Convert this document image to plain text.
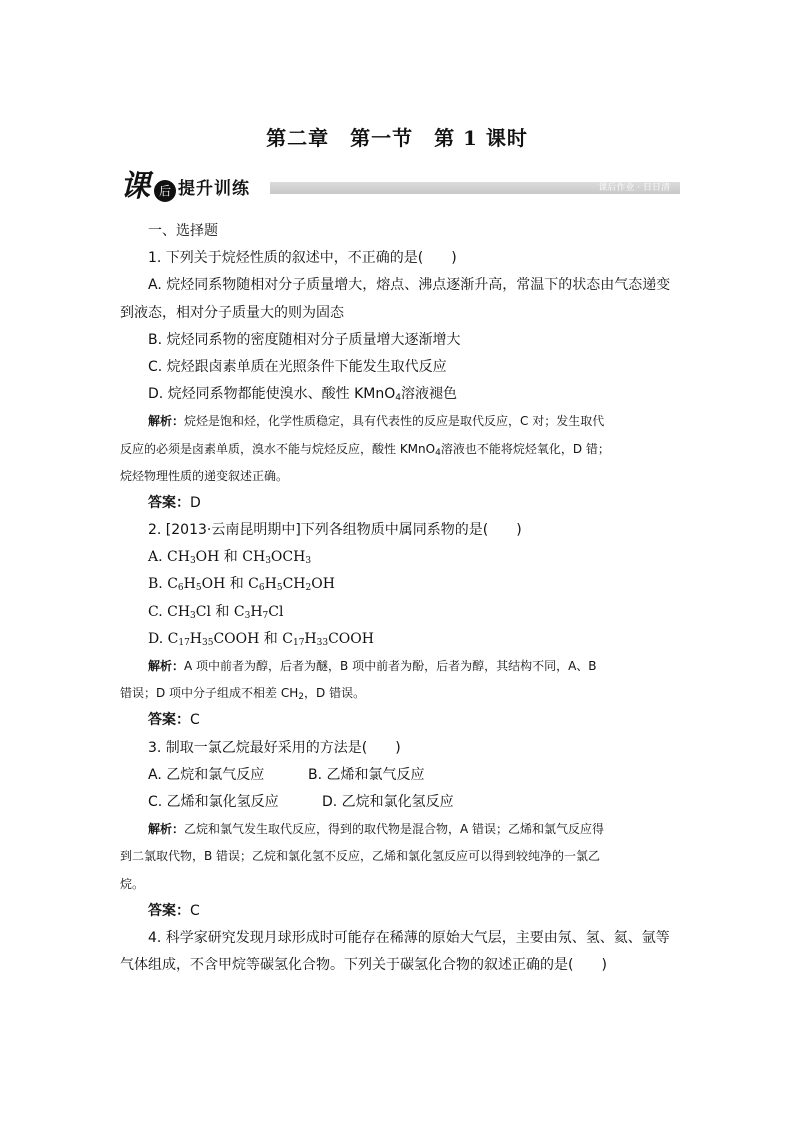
第二章　第一节　第 1 课时
课后作业 · 日日清
课 后 提升训练
一、选择题
1. 下列关于烷烃性质的叙述中，不正确的是(　　)
A. 烷烃同系物随相对分子质量增大，熔点、沸点逐渐升高，常温下的状态由气态递变
到液态，相对分子质量大的则为固态
B. 烷烃同系物的密度随相对分子质量增大逐渐增大
C. 烷烃跟卤素单质在光照条件下能发生取代反应
D. 烷烃同系物都能使溴水、酸性 KMnO$_4$溶液褪色
解析：烷烃是饱和烃，化学性质稳定，具有代表性的反应是取代反应，C 对；发生取代
反应的必须是卤素单质，溴水不能与烷烃反应，酸性 KMnO$_4$溶液也不能将烷烃氧化，D 错；
烷烃物理性质的递变叙述正确。
答案：D
2. [2013·云南昆明期中]下列各组物质中属同系物的是(　　)
A. $CH_3OH$ 和 $CH_3OCH_3$
B. $C_6H_5OH$ 和 $C_6H_5CH_2OH$
C. $CH_3Cl$ 和 $C_3H_7Cl$
D. $C_{17}H_{35}COOH$ 和 $C_{17}H_{33}COOH$
解析：A 项中前者为醇，后者为醚，B 项中前者为酚，后者为醇，其结构不同，A、B
错误；D 项中分子组成不相差 $CH_2$，D 错误。
答案：C
3. 制取一氯乙烷最好采用的方法是(　　)
A. 乙烷和氯气反应	B. 乙烯和氯气反应
C. 乙烯和氯化氢反应	D. 乙烷和氯化氢反应
解析：乙烷和氯气发生取代反应，得到的取代物是混合物，A 错误；乙烯和氯气反应得
到二氯取代物，B 错误；乙烷和氯化氢不反应，乙烯和氯化氢反应可以得到较纯净的一氯乙
烷。
答案：C
4. 科学家研究发现月球形成时可能存在稀薄的原始大气层，主要由氖、氢、氦、氩等
气体组成，不含甲烷等碳氢化合物。下列关于碳氢化合物的叙述正确的是(　　)
